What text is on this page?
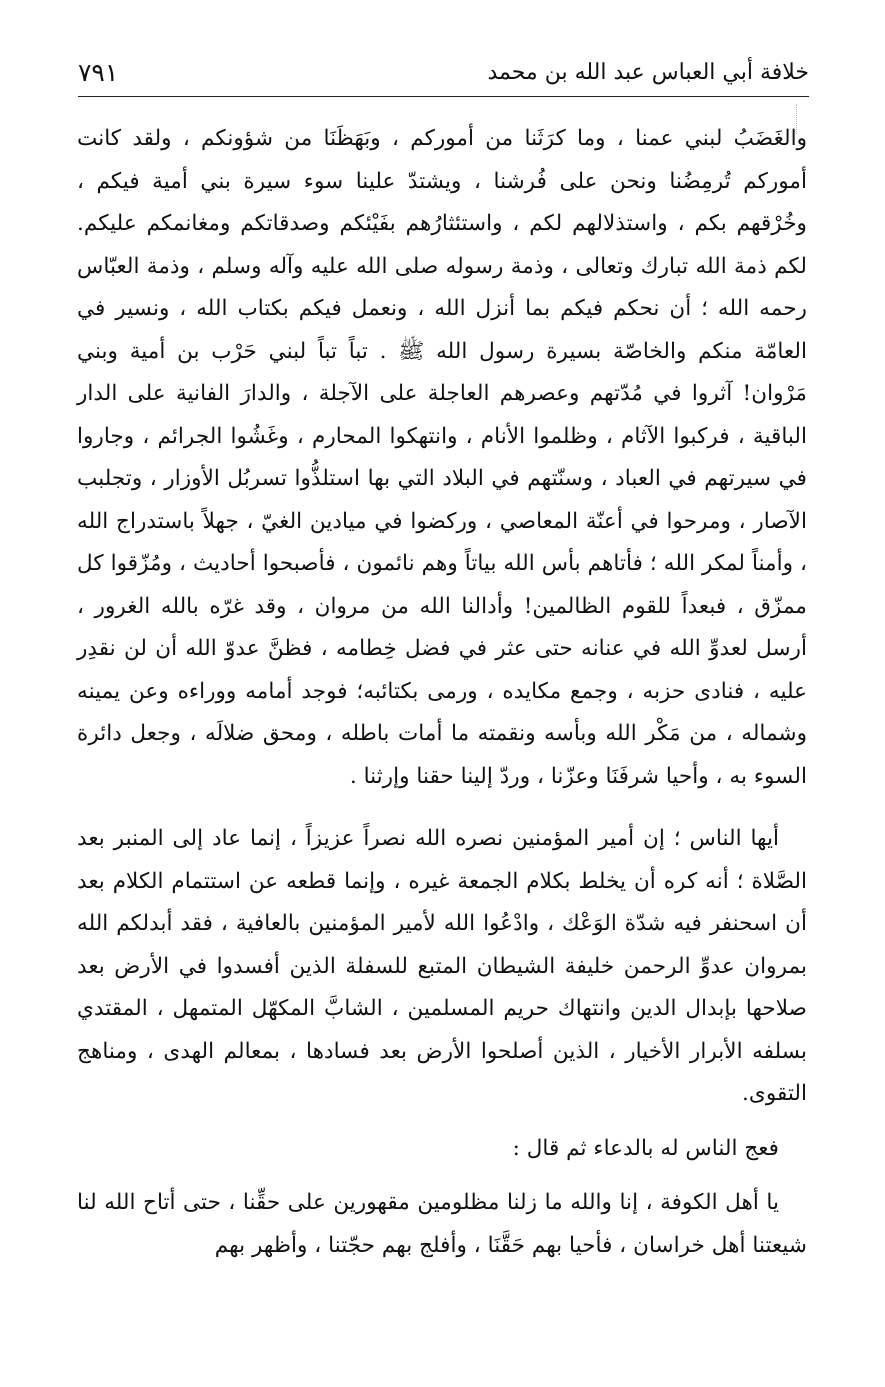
٧٩١	خلافة أبي العباس عبد الله بن محمد

والغَضَبُ لبني عمنا ، وما كرَثَنا من أموركم ، وبَهَظَنَا من شؤونكم ، ولقد كانت أموركم تُرمِضُنا ونحن على فُرشنا ، ويشتدّ علينا سوء سيرة بني أمية فيكم ، وخُرْقهم بكم ، واستذلالهم لكم ، واستئثارُهم بفَيْئكم وصدقاتكم ومغانمكم عليكم. لكم ذمة الله تبارك وتعالى ، وذمة رسوله صلى الله عليه وآله وسلم ، وذمة العبّاس رحمه الله ؛ أن نحكم فيكم بما أنزل الله ، ونعمل فيكم بكتاب الله ، ونسير في العامّة منكم والخاصّة بسيرة رسول الله ﷺ . تباً تباً لبني حَرْب بن أمية وبني مَرْوان! آثروا في مُدّتهم وعصرهم العاجلة على الآجلة ، والدارَ الفانية على الدار الباقية ، فركبوا الآثام ، وظلموا الأنام ، وانتهكوا المحارم ، وغَشُوا الجرائم ، وجاروا في سيرتهم في العباد ، وسنّتهم في البلاد التي بها استلذُّوا تسربُل الأوزار ، وتجلبب الآصار ، ومرحوا في أعنّة المعاصي ، وركضوا في ميادين الغيّ ، جهلاً باستدراج الله ، وأمناً لمكر الله ؛ فأتاهم بأس الله بياتاً وهم نائمون ، فأصبحوا أحاديث ، ومُزّقوا كل ممزّق ، فبعداً للقوم الظالمين! وأدالنا الله من مروان ، وقد غرّه بالله الغرور ، أرسل لعدوِّ الله في عنانه حتى عثر في فضل خِطامه ، فظنَّ عدوّ الله أن لن نقدِر عليه ، فنادى حزبه ، وجمع مكايده ، ورمى بكتائبه؛ فوجد أمامه ووراءه وعن يمينه وشماله ، من مَكْر الله وبأسه ونقمته ما أمات باطله ، ومحق ضلالَه ، وجعل دائرة السوء به ، وأحيا شرفَنَا وعزّنا ، وردّ إلينا حقنا وإرثنا .

أيها الناس ؛ إن أمير المؤمنين نصره الله نصراً عزيزاً ، إنما عاد إلى المنبر بعد الصَّلاة ؛ أنه كره أن يخلط بكلام الجمعة غيره ، وإنما قطعه عن استتمام الكلام بعد أن اسحنفر فيه شدّة الوَعْك ، وادْعُوا الله لأمير المؤمنين بالعافية ، فقد أبدلكم الله بمروان عدوِّ الرحمن خليفة الشيطان المتبع للسفلة الذين أفسدوا في الأرض بعد صلاحها بإبدال الدين وانتهاك حريم المسلمين ، الشابَّ المكهّل المتمهل ، المقتدي بسلفه الأبرار الأخيار ، الذين أصلحوا الأرض بعد فسادها ، بمعالم الهدى ، ومناهج التقوى.

فعج الناس له بالدعاء ثم قال :

يا أهل الكوفة ، إنا والله ما زلنا مظلومين مقهورين على حقِّنا ، حتى أتاح الله لنا شيعتنا أهل خراسان ، فأحيا بهم حَقَّنَا ، وأفلج بهم حجّتنا ، وأظهر بهم
